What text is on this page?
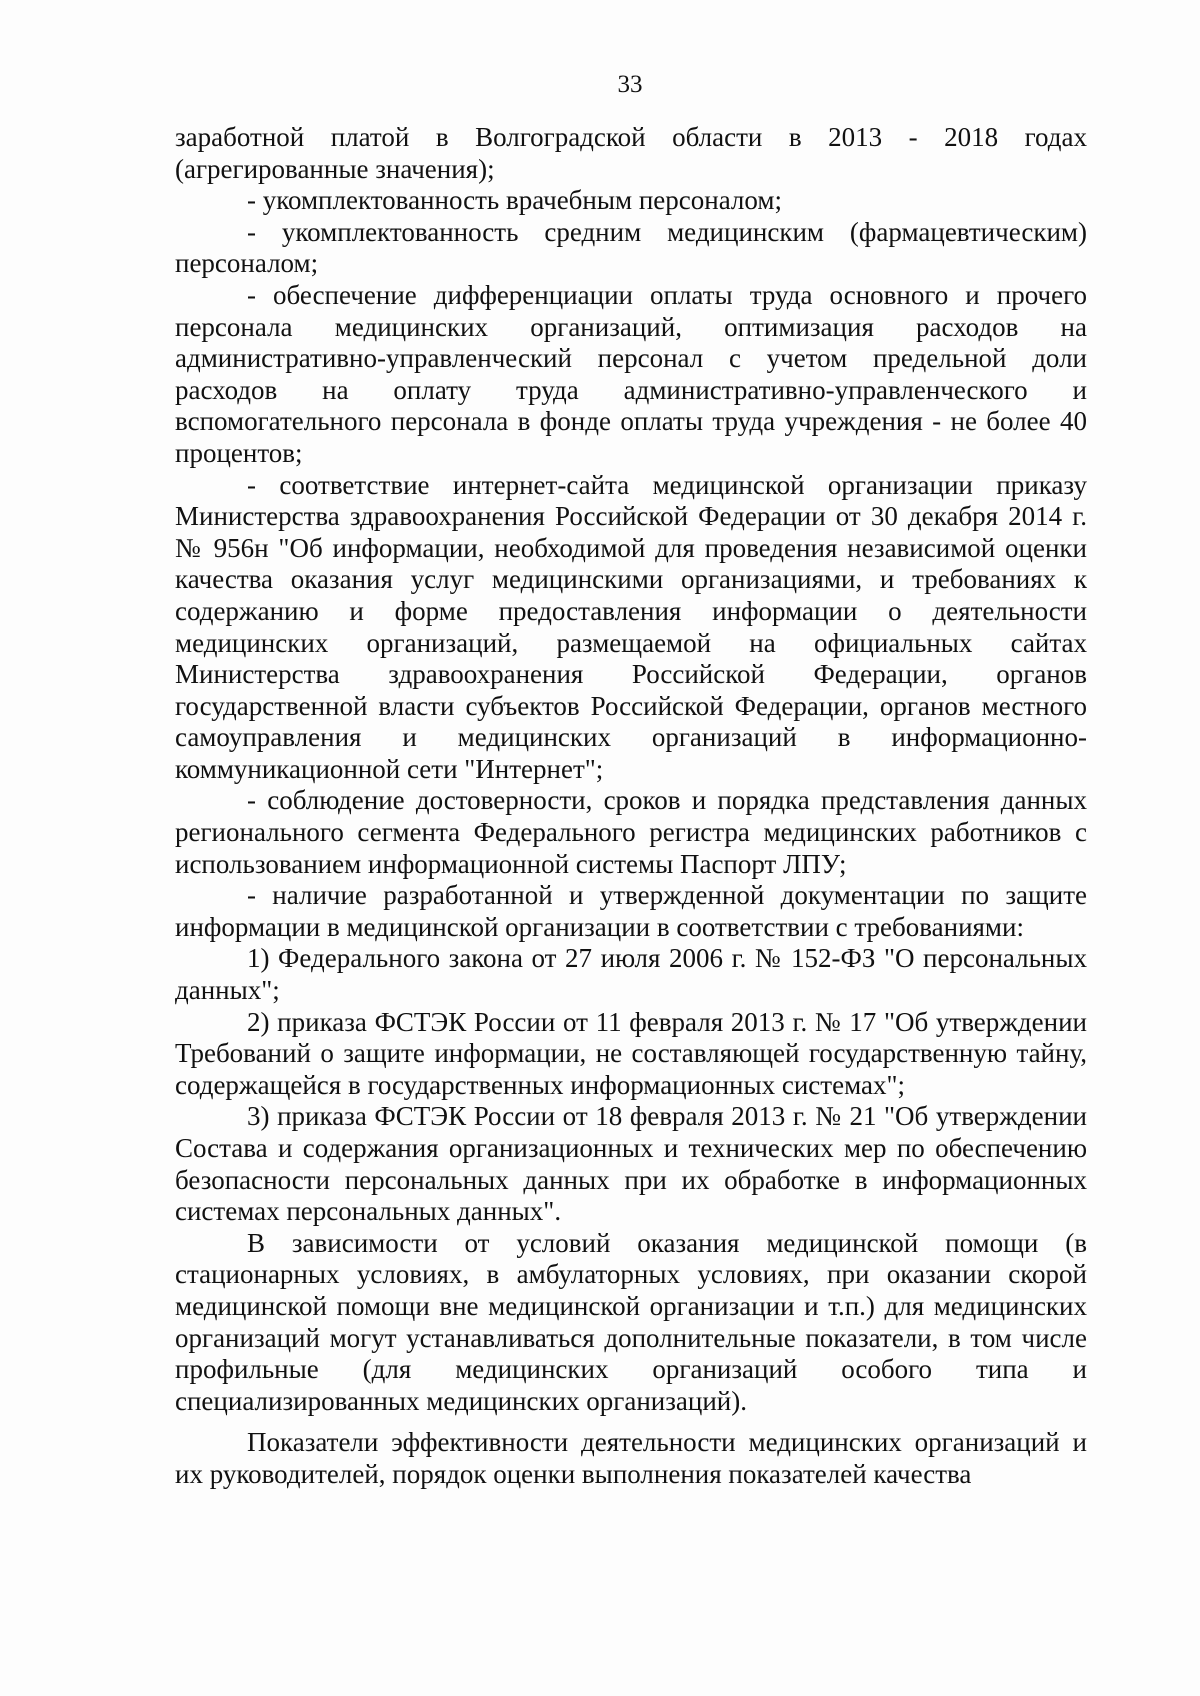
33

заработной платой в Волгоградской области в 2013 - 2018 годах (агрегированные значения);

- укомплектованность врачебным персоналом;

- укомплектованность средним медицинским (фармацевтическим) персоналом;

- обеспечение дифференциации оплаты труда основного и прочего персонала медицинских организаций, оптимизация расходов на административно-управленческий персонал с учетом предельной доли расходов на оплату труда административно-управленческого и вспомогательного персонала в фонде оплаты труда учреждения - не более 40 процентов;

- соответствие интернет-сайта медицинской организации приказу Министерства здравоохранения Российской Федерации от 30 декабря 2014 г. № 956н "Об информации, необходимой для проведения независимой оценки качества оказания услуг медицинскими организациями, и требованиях к содержанию и форме предоставления информации о деятельности медицинских организаций, размещаемой на официальных сайтах Министерства здравоохранения Российской Федерации, органов государственной власти субъектов Российской Федерации, органов местного самоуправления и медицинских организаций в информационно-коммуникационной сети "Интернет";

- соблюдение достоверности, сроков и порядка представления данных регионального сегмента Федерального регистра медицинских работников с использованием информационной системы Паспорт ЛПУ;

- наличие разработанной и утвержденной документации по защите информации в медицинской организации в соответствии с требованиями:

1) Федерального закона от 27 июля 2006 г. № 152-ФЗ "О персональных данных";

2) приказа ФСТЭК России от 11 февраля 2013 г. № 17 "Об утверждении Требований о защите информации, не составляющей государственную тайну, содержащейся в государственных информационных системах";

3) приказа ФСТЭК России от 18 февраля 2013 г. № 21 "Об утверждении Состава и содержания организационных и технических мер по обеспечению безопасности персональных данных при их обработке в информационных системах персональных данных".

В зависимости от условий оказания медицинской помощи (в стационарных условиях, в амбулаторных условиях, при оказании скорой медицинской помощи вне медицинской организации и т.п.) для медицинских организаций могут устанавливаться дополнительные показатели, в том числе профильные (для медицинских организаций особого типа и специализированных медицинских организаций).

Показатели эффективности деятельности медицинских организаций и их руководителей, порядок оценки выполнения показателей качества
